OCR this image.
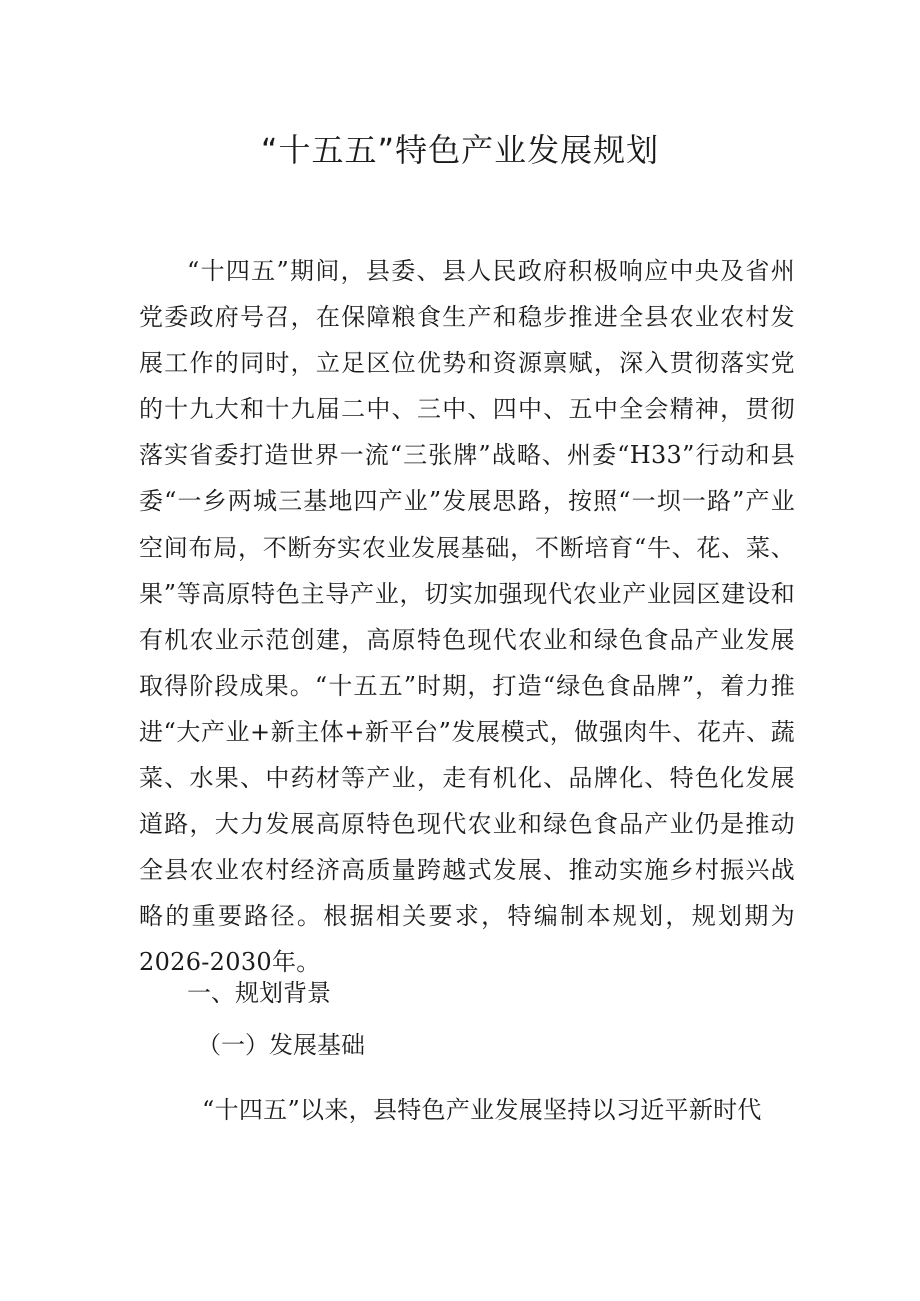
“十五五”特色产业发展规划

“十四五”期间，县委、县人民政府积极响应中央及省州党委政府号召，在保障粮食生产和稳步推进全县农业农村发展工作的同时，立足区位优势和资源禀赋，深入贯彻落实党的十九大和十九届二中、三中、四中、五中全会精神，贯彻落实省委打造世界一流“三张牌”战略、州委“H33”行动和县委“一乡两城三基地四产业”发展思路，按照“一坝一路”产业空间布局，不断夯实农业发展基础，不断培育“牛、花、菜、果”等高原特色主导产业，切实加强现代农业产业园区建设和有机农业示范创建，高原特色现代农业和绿色食品产业发展取得阶段成果。“十五五”时期，打造“绿色食品牌”，着力推进“大产业+新主体+新平台”发展模式，做强肉牛、花卉、蔬菜、水果、中药材等产业，走有机化、品牌化、特色化发展道路，大力发展高原特色现代农业和绿色食品产业仍是推动全县农业农村经济高质量跨越式发展、推动实施乡村振兴战略的重要路径。根据相关要求，特编制本规划，规划期为2026-2030年。

一、规划背景

（一）发展基础

“十四五”以来，县特色产业发展坚持以习近平新时代
